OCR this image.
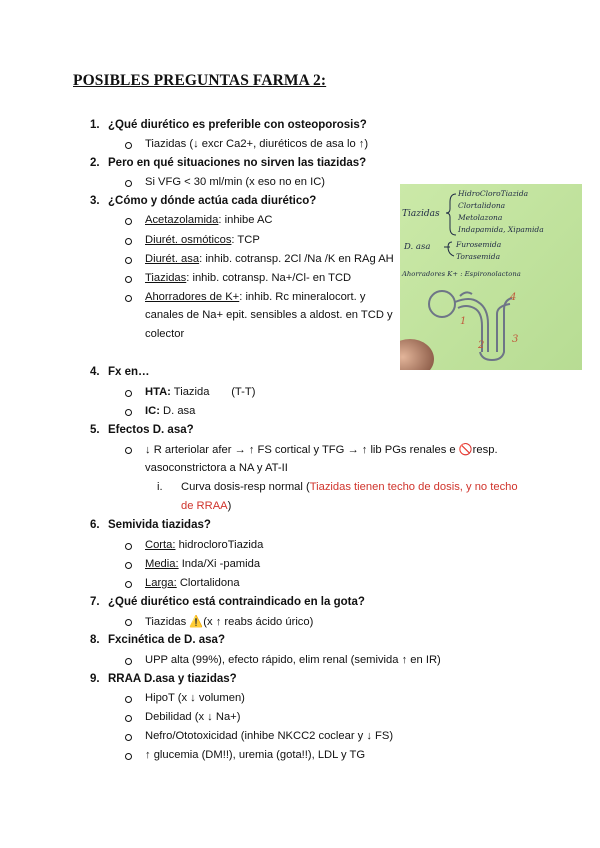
POSIBLES PREGUNTAS FARMA 2:
1. ¿Qué diurético es preferible con osteoporosis?
Tiazidas (↓ excr Ca2+, diuréticos de asa lo ↑)
2. Pero en qué situaciones no sirven las tiazidas?
Si VFG < 30 ml/min (x eso no en IC)
3. ¿Cómo y dónde actúa cada diurético?
Acetazolamida: inhibe AC
Diurét. osmóticos: TCP
Diurét. asa: inhib. cotransp. 2Cl /Na /K en RAg AH
Tiazidas: inhib. cotransp. Na+/Cl- en TCD
Ahorradores de K+: inhib. Rc mineralocort. y
canales de Na+ epit. sensibles a aldost. en TCD y
colector
4. Fx en…
HTA: Tiazida       (T-T)
IC: D. asa
5. Efectos D. asa?
↓ R arteriolar afer → ↑ FS cortical y TFG → ↑ lib PGs renales e 🚫resp.
vasoconstrictora a NA y AT-II
i. Curva dosis-resp normal (Tiazidas tienen techo de dosis, y no techo
de RRAA)
6. Semivida tiazidas?
Corta: hidrocloroTiazida
Media: Inda/Xi -pamida
Larga: Clortalidona
7. ¿Qué diurético está contraindicado en la gota?
Tiazidas ⚠️(x ↑ reabs ácido úrico)
8. Fxcinética de D. asa?
UPP alta (99%), efecto rápido, elim renal (semivida ↑ en IR)
9. RRAA D.asa y tiazidas?
HipoT (x ↓ volumen)
Debilidad (x ↓ Na+)
Nefro/Ototoxicidad (inhibe NKCC2 coclear y ↓ FS)
↑ glucemia (DM!!), uremia (gota!!), LDL y TG
Tiazidas
HidroCloroTiazida
Clortalidona
Metolazona
Indapamida, Xipamida
D. asa	Furosemida
Torasemida
Ahorradores K+ : Espironolactona
1
2
3
4
